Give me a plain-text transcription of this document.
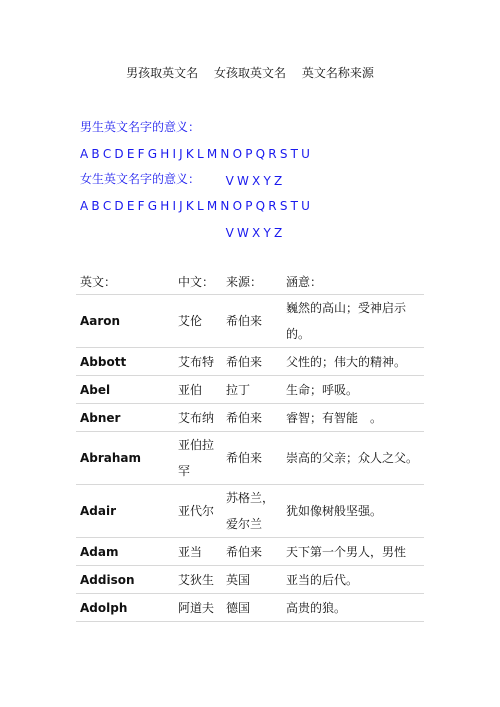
男孩取英文名 女孩取英文名 英文名称来源
男生英文名字的意义：A B C D E F G H I J K L M N O P Q R S T U
V W X Y Z
女生英文名字的意义：A B C D E F G H I J K L M N O P Q R S T U
V W X Y Z
英文：	中文：	来源：	涵意：
Aaron	艾伦	希伯来	巍然的高山；受神启示的。
Abbott	艾布特	希伯来	父性的；伟大的精神。
Abel	亚伯	拉丁	生命；呼吸。
Abner	艾布纳	希伯来	睿智；有智能　。
Abraham	亚伯拉罕	希伯来	崇高的父亲；众人之父。
Adair	亚代尔	苏格兰，爱尔兰	犹如像树般坚强。
Adam	亚当	希伯来	天下第一个男人，男性
Addison	艾狄生	英国	亚当的后代。
Adolph	阿道夫	德国	高贵的狼。
